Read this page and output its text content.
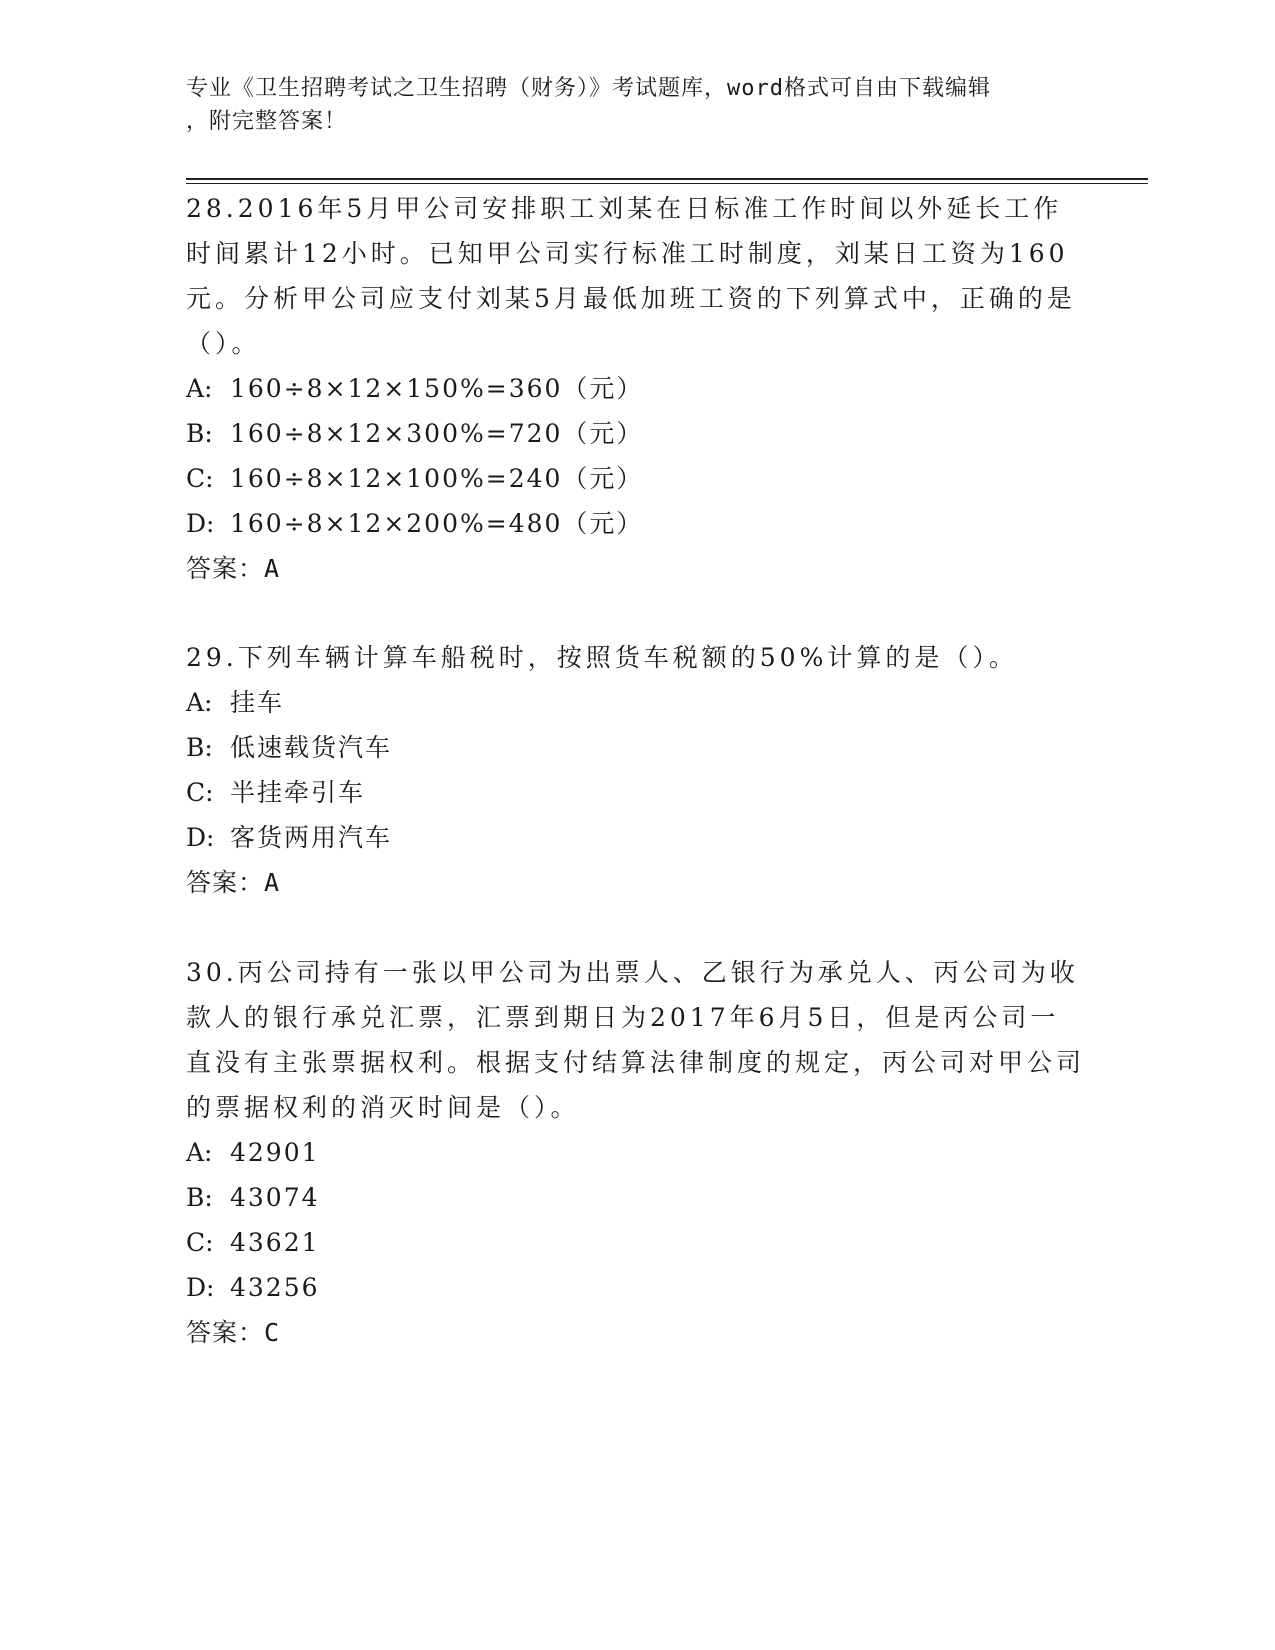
专业《卫生招聘考试之卫生招聘（财务）》考试题库，word格式可自由下载编辑
，附完整答案！

28.2016年5月甲公司安排职工刘某在日标准工作时间以外延长工作时间累计12小时。已知甲公司实行标准工时制度，刘某日工资为160元。分析甲公司应支付刘某5月最低加班工资的下列算式中，正确的是（）。

A: 160÷8×12×150%=360（元）

B: 160÷8×12×300%=720（元）

C: 160÷8×12×100%=240（元）

D: 160÷8×12×200%=480（元）

答案：A

29.下列车辆计算车船税时，按照货车税额的50%计算的是（）。

A: 挂车

B: 低速载货汽车

C: 半挂牵引车

D: 客货两用汽车

答案：A

30.丙公司持有一张以甲公司为出票人、乙银行为承兑人、丙公司为收款人的银行承兑汇票，汇票到期日为2017年6月5日，但是丙公司一直没有主张票据权利。根据支付结算法律制度的规定，丙公司对甲公司的票据权利的消灭时间是（）。

A: 42901

B: 43074

C: 43621

D: 43256

答案：C
